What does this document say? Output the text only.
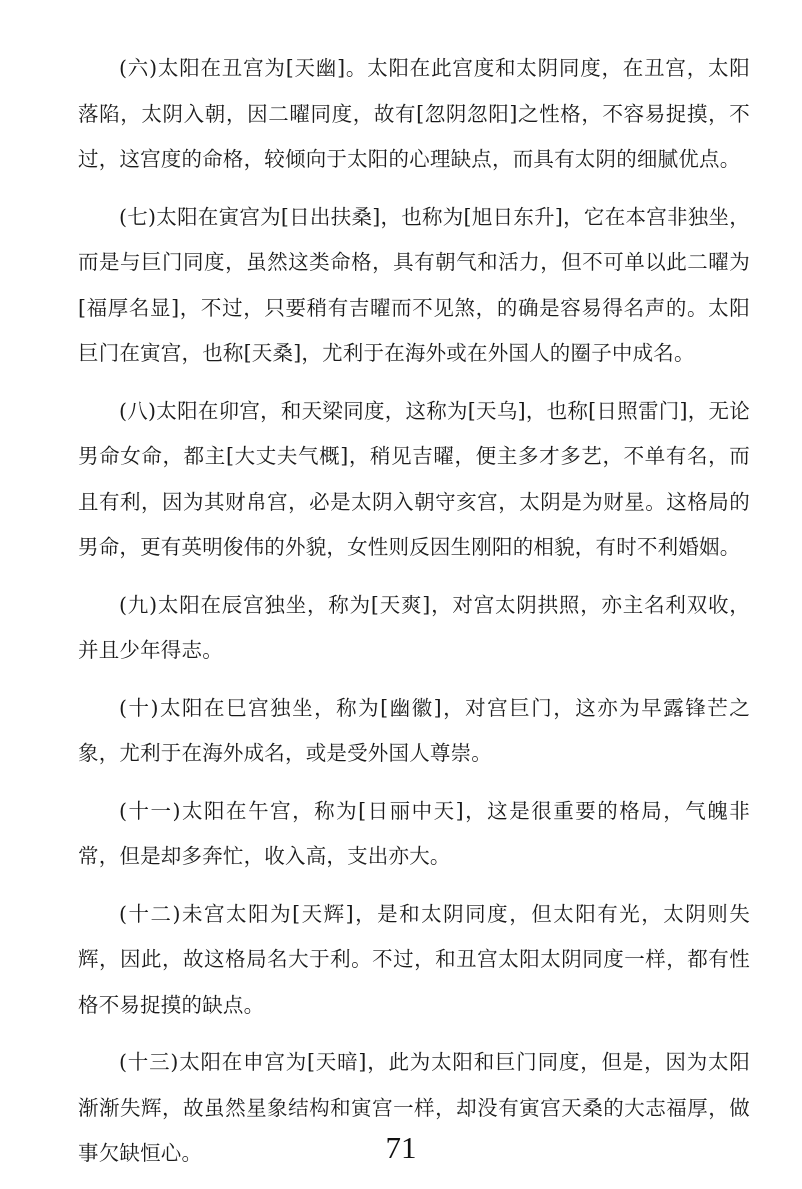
(六)太阳在丑宫为[天幽]。太阳在此宫度和太阴同度，在丑宫，太阳落陷，太阴入朝，因二曜同度，故有[忽阴忽阳]之性格，不容易捉摸，不过，这宫度的命格，较倾向于太阳的心理缺点，而具有太阴的细腻优点。

(七)太阳在寅宫为[日出扶桑]，也称为[旭日东升]，它在本宫非独坐，而是与巨门同度，虽然这类命格，具有朝气和活力，但不可单以此二曜为[福厚名显]，不过，只要稍有吉曜而不见煞，的确是容易得名声的。太阳巨门在寅宫，也称[天桑]，尤利于在海外或在外国人的圈子中成名。

(八)太阳在卯宫，和天梁同度，这称为[天乌]，也称[日照雷门]，无论男命女命，都主[大丈夫气概]，稍见吉曜，便主多才多艺，不单有名，而且有利，因为其财帛宫，必是太阴入朝守亥宫，太阴是为财星。这格局的男命，更有英明俊伟的外貌，女性则反因生刚阳的相貌，有时不利婚姻。

(九)太阳在辰宫独坐，称为[天爽]，对宫太阴拱照，亦主名利双收，并且少年得志。

(十)太阳在巳宫独坐，称为[幽徽]，对宫巨门，这亦为早露锋芒之象，尤利于在海外成名，或是受外国人尊崇。

(十一)太阳在午宫，称为[日丽中天]，这是很重要的格局，气魄非常，但是却多奔忙，收入高，支出亦大。

(十二)未宫太阳为[天辉]，是和太阴同度，但太阳有光，太阴则失辉，因此，故这格局名大于利。不过，和丑宫太阳太阴同度一样，都有性格不易捉摸的缺点。

(十三)太阳在申宫为[天暗]，此为太阳和巨门同度，但是，因为太阳渐渐失辉，故虽然星象结构和寅宫一样，却没有寅宫天桑的大志福厚，做事欠缺恒心。	71
